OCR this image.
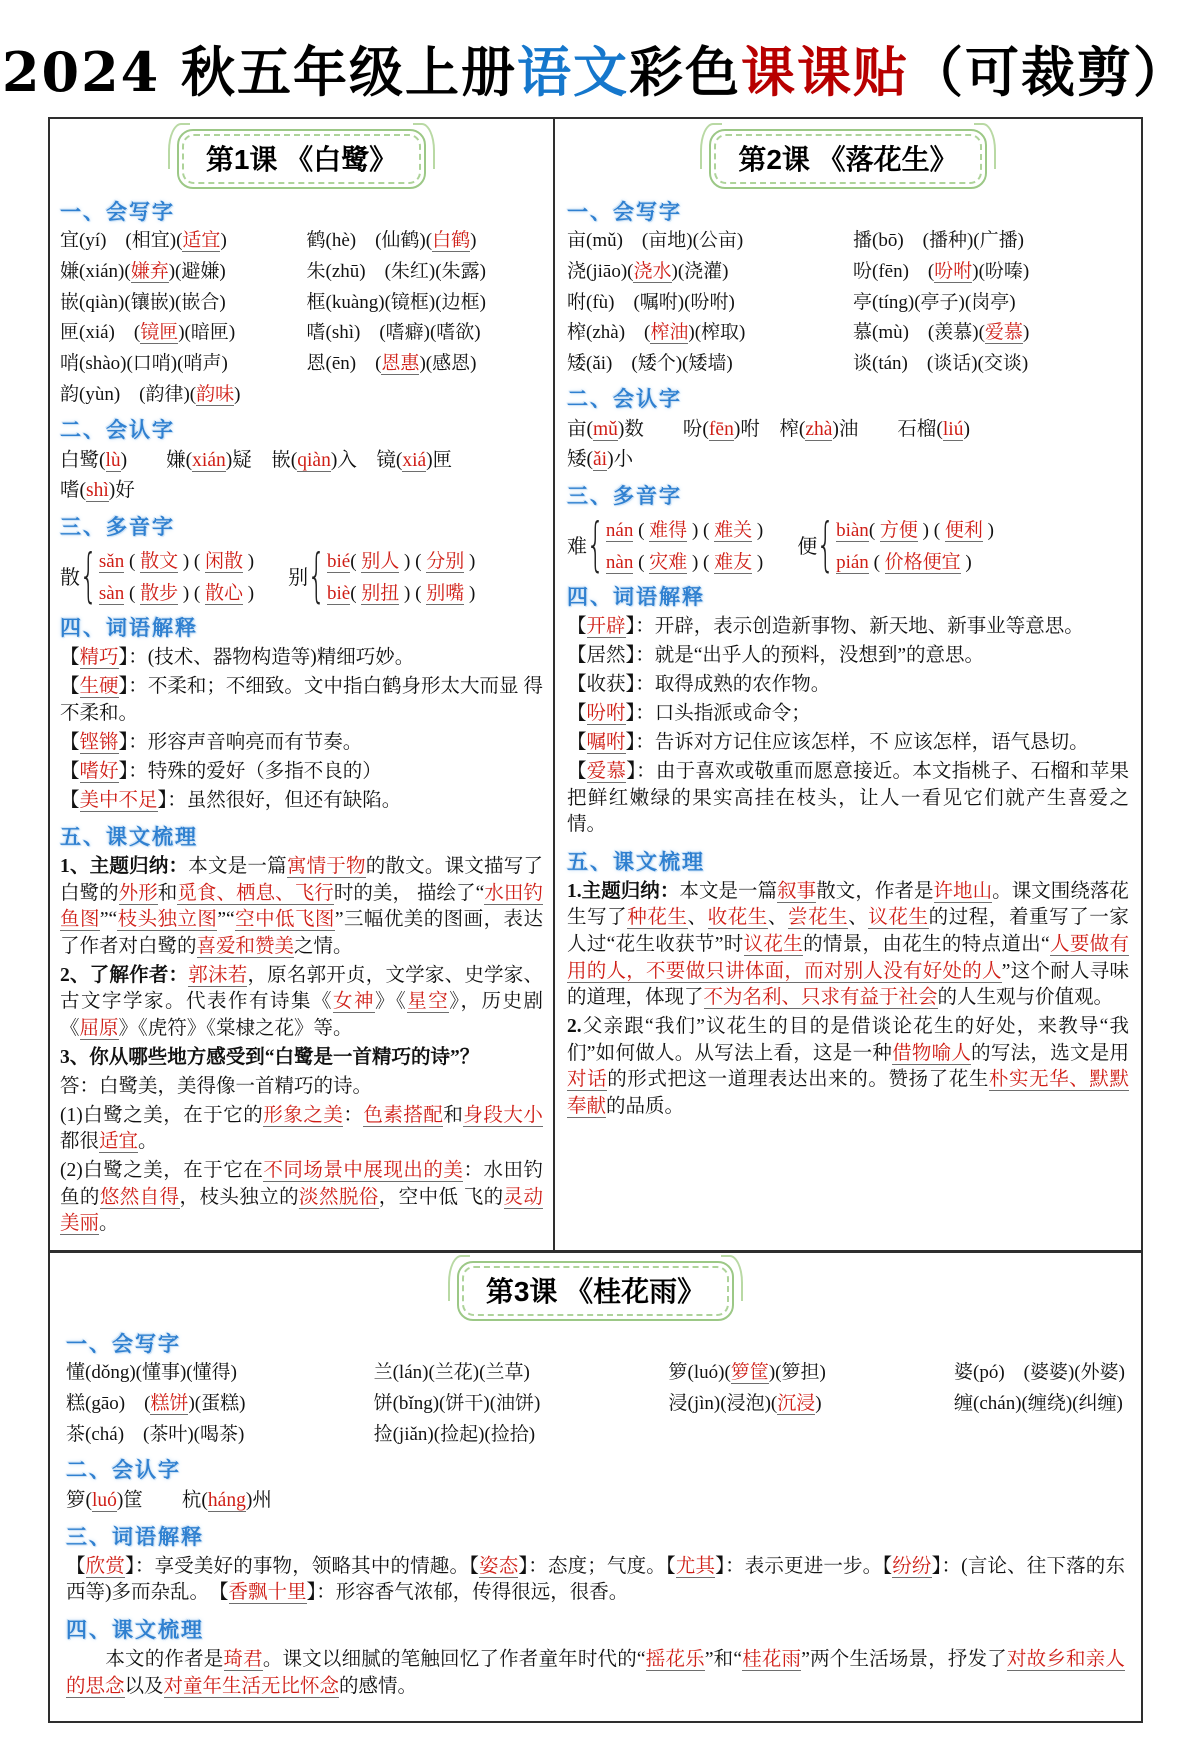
2024 秋五年级上册语文彩色课课贴（可裁剪）
第1课 《白鹭》
一、会写字
宜(yí)　(相宜)(适宜)	鹤(hè)　(仙鹤)(白鹤)
嫌(xián)(嫌弃)(避嫌)	朱(zhū)　(朱红)(朱露)
嵌(qiàn)(镶嵌)(嵌合)	框(kuàng)(镜框)(边框)
匣(xiá)　(镜匣)(暗匣)	嗜(shì)　(嗜癖)(嗜欲)
哨(shào)(口哨)(哨声)	恩(ēn)　(恩惠)(感恩)
韵(yùn)　(韵律)(韵味)
二、会认字
白鹭(lù)　　嫌(xián)疑　嵌(qiàn)入　镜(xiá)匣
嗜(shì)好
三、多音字
散 { sǎn ( 散文 ) ( 闲散 )
sàn ( 散步 ) ( 散心 )
别 { bié( 别人 ) ( 分别 )
biè( 别扭 ) ( 别嘴 )
四、词语解释
【精巧】：(技术、器物构造等)精细巧妙。
【生硬】：不柔和；不细致。文中指白鹤身形太大而显 得不柔和。
【铿锵】：形容声音响亮而有节奏。
【嗜好】：特殊的爱好（多指不良的）
【美中不足】：虽然很好，但还有缺陷。
五、课文梳理
1、主题归纳：本文是一篇寓情于物的散文。课文描写了白鹭的外形和觅食、栖息、飞行时的美， 描绘了“水田钓鱼图”“枝头独立图”“空中低飞图”三幅优美的图画，表达了作者对白鹭的喜爱和赞美之情。
2、了解作者：郭沫若，原名郭开贞，文学家、史学家、古文字学家。代表作有诗集《女神》《星空》，历史剧《屈原》《虎符》《棠棣之花》等。
3、你从哪些地方感受到“白鹭是一首精巧的诗”？
答：白鹭美，美得像一首精巧的诗。
(1)白鹭之美，在于它的形象之美：色素搭配和身段大小都很适宜。
(2)白鹭之美，在于它在不同场景中展现出的美：水田钓鱼的悠然自得，枝头独立的淡然脱俗，空中低 飞的灵动美丽。
第2课 《落花生》
一、会写字
亩(mǔ)　(亩地)(公亩)	播(bō)　(播种)(广播)
浇(jiāo)(浇水)(浇灌)	吩(fēn)　(吩咐)(吩嗪)
咐(fù)　(嘱咐)(吩咐)	亭(tíng)(亭子)(岗亭)
榨(zhà)　(榨油)(榨取)	慕(mù)　(羡慕)(爱慕)
矮(ǎi)　(矮个)(矮墙)	谈(tán)　(谈话)(交谈)
二、会认字
亩(mǔ)数　　吩(fēn)咐　榨(zhà)油　　石榴(liú)
矮(ǎi)小
三、多音字
难 { nán ( 难得 ) ( 难关 )
nàn ( 灾难 ) ( 难友 )
便 { biàn( 方便 ) ( 便利 )
pián ( 价格便宜 )
四、词语解释
【开辟】：开辟，表示创造新事物、新天地、新事业等意思。
【居然】：就是“出乎人的预料，没想到”的意思。
【收获】：取得成熟的农作物。
【吩咐】：口头指派或命令；
【嘱咐】：告诉对方记住应该怎样，不 应该怎样，语气恳切。
【爱慕】：由于喜欢或敬重而愿意接近。本文指桃子、石榴和苹果把鲜红嫩绿的果实高挂在枝头，让人一看见它们就产生喜爱之情。
五、课文梳理
1.主题归纳：本文是一篇叙事散文，作者是许地山。课文围绕落花生写了种花生、收花生、尝花生、议花生的过程，着重写了一家人过“花生收获节”时议花生的情景，由花生的特点道出“人要做有用的人，不要做只讲体面，而对别人没有好处的人”这个耐人寻味的道理，体现了不为名利、只求有益于社会的人生观与价值观。
2.父亲跟“我们”议花生的目的是借谈论花生的好处，来教导“我们”如何做人。从写法上看，这是一种借物喻人的写法，选文是用对话的形式把这一道理表达出来的。赞扬了花生朴实无华、默默奉献的品质。
第3课 《桂花雨》
一、会写字
懂(dǒng)(懂事)(懂得)	兰(lán)(兰花)(兰草)	箩(luó)(箩筐)(箩担)	婆(pó)　(婆婆)(外婆)
糕(gāo)　(糕饼)(蛋糕)	饼(bǐng)(饼干)(油饼)	浸(jìn)(浸泡)(沉浸)	缠(chán)(缠绕)(纠缠)
茶(chá)　(茶叶)(喝茶)	捡(jiǎn)(捡起)(捡拾)
二、会认字
箩(luó)筐　　杭(háng)州
三、词语解释
【欣赏】：享受美好的事物，领略其中的情趣。【姿态】：态度；气度。【尤其】：表示更进一步。【纷纷】：(言论、往下落的东西等)多而杂乱。　【香飘十里】：形容香气浓郁，传得很远，很香。
四、课文梳理
　　本文的作者是琦君。课文以细腻的笔触回忆了作者童年时代的“摇花乐”和“桂花雨”两个生活场景，抒发了对故乡和亲人的思念以及对童年生活无比怀念的感情。
